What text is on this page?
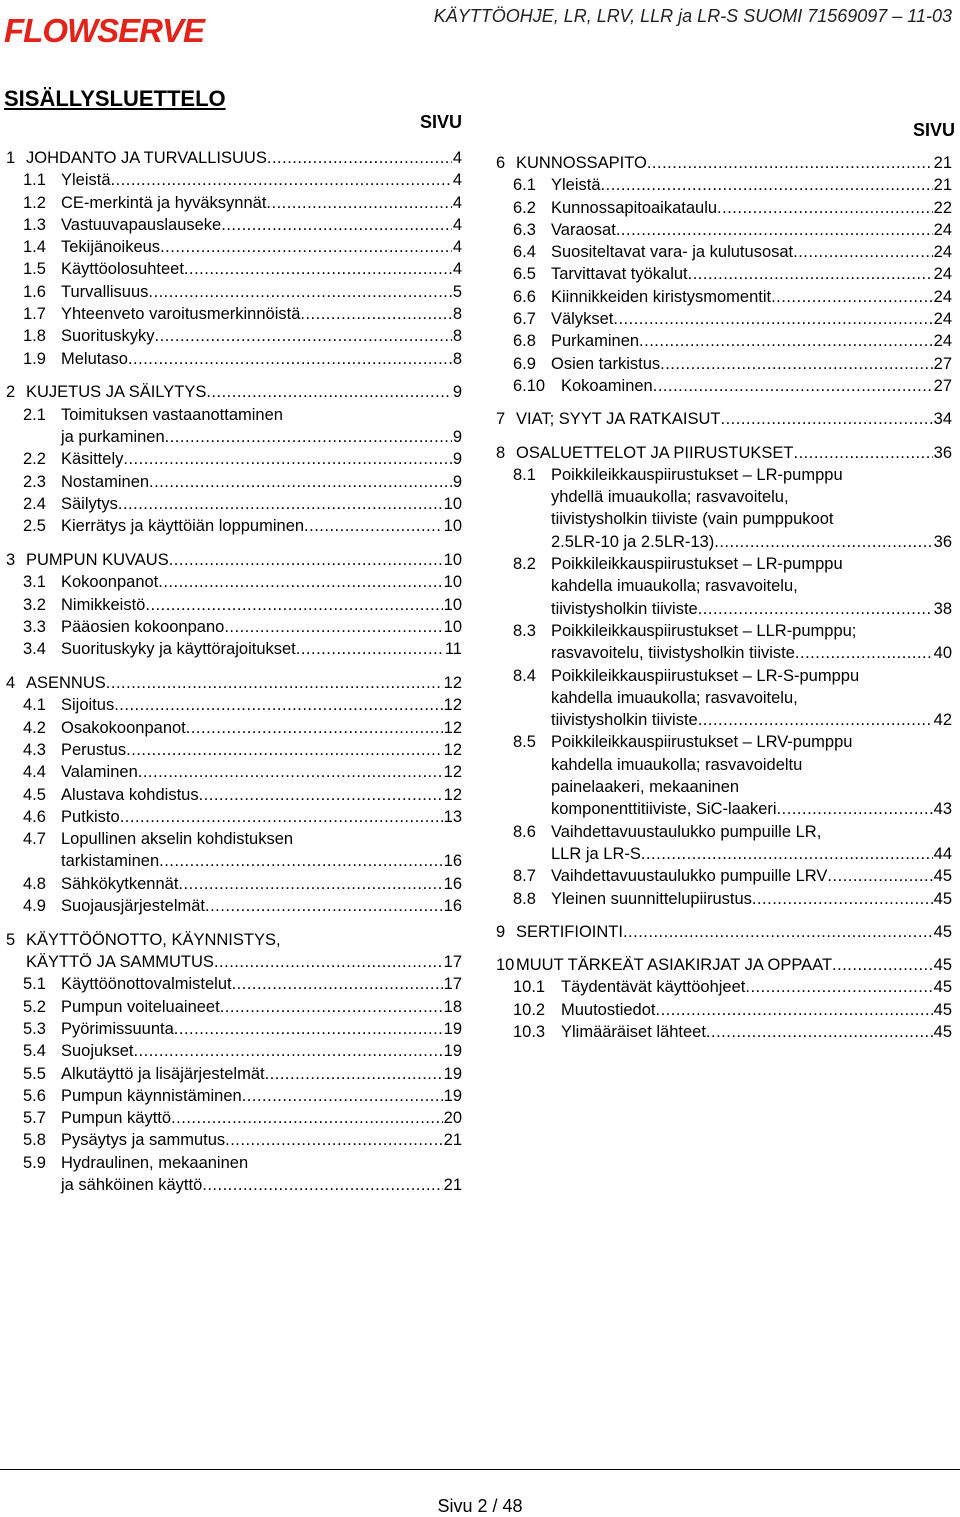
FLOWSERVE	KÄYTTÖOHJE, LR, LRV, LLR ja LR-S SUOMI 71569097 – 11-03
SISÄLLYSLUETTELO
SIVU	SIVU
1 JOHDANTO JA TURVALLISUUS .....	4
1.1 Yleistä .....	4
1.2 CE-merkintä ja hyväksynnät .....	4
1.3 Vastuuvapauslauseke .....	4
1.4 Tekijänoikeus .....	4
1.5 Käyttöolosuhteet .....	4
1.6 Turvallisuus .....	5
1.7 Yhteenveto varoitusmerkinnöistä .....	8
1.8 Suorituskyky .....	8
1.9 Melutaso .....	8
2 KUJETUS JA SÄILYTYS .....	9
2.1 Toimituksen vastaanottaminen
ja purkaminen .....	9
2.2 Käsittely .....	9
2.3 Nostaminen .....	9
2.4 Säilytys .....	10
2.5 Kierrätys ja käyttöiän loppuminen .....	10
3 PUMPUN KUVAUS .....	10
3.1 Kokoonpanot .....	10
3.2 Nimikkeistö .....	10
3.3 Pääosien kokoonpano .....	10
3.4 Suorituskyky ja käyttörajoitukset .....	11
4 ASENNUS .....	12
4.1 Sijoitus .....	12
4.2 Osakokoonpanot .....	12
4.3 Perustus .....	12
4.4 Valaminen .....	12
4.5 Alustava kohdistus .....	12
4.6 Putkisto .....	13
4.7 Lopullinen akselin kohdistuksen
tarkistaminen .....	16
4.8 Sähkökytkennät .....	16
4.9 Suojausjärjestelmät .....	16
5 KÄYTTÖÖNOTTO, KÄYNNISTYS,
KÄYTTÖ JA SAMMUTUS .....	17
5.1 Käyttöönottovalmistelut .....	17
5.2 Pumpun voiteluaineet .....	18
5.3 Pyörimissuunta .....	19
5.4 Suojukset .....	19
5.5 Alkutäyttö ja lisäjärjestelmät .....	19
5.6 Pumpun käynnistäminen .....	19
5.7 Pumpun käyttö .....	20
5.8 Pysäytys ja sammutus .....	21
5.9 Hydraulinen, mekaaninen
ja sähköinen käyttö .....	21
6 KUNNOSSAPITO .....	21
6.1 Yleistä .....	21
6.2 Kunnossapitoaikataulu .....	22
6.3 Varaosat .....	24
6.4 Suositeltavat vara- ja kulutusosat .....	24
6.5 Tarvittavat työkalut .....	24
6.6 Kiinnikkeiden kiristysmomentit .....	24
6.7 Välykset .....	24
6.8 Purkaminen .....	24
6.9 Osien tarkistus .....	27
6.10 Kokoaminen .....	27
7 VIAT; SYYT JA RATKAISUT .....	34
8 OSALUETTELOT JA PIIRUSTUKSET .....	36
8.1 Poikkileikkauspiirustukset – LR-pumppu
yhdellä imuaukolla; rasvavoitelu,
tiivistysholkin tiiviste (vain pumppukoot
2.5LR-10 ja 2.5LR-13) .....	36
8.2 Poikkileikkauspiirustukset – LR-pumppu
kahdella imuaukolla; rasvavoitelu,
tiivistysholkin tiiviste .....	38
8.3 Poikkileikkauspiirustukset – LLR-pumppu;
rasvavoitelu, tiivistysholkin tiiviste .....	40
8.4 Poikkileikkauspiirustukset – LR-S-pumppu
kahdella imuaukolla; rasvavoitelu,
tiivistysholkin tiiviste .....	42
8.5 Poikkileikkauspiirustukset – LRV-pumppu
kahdella imuaukolla; rasvavoideltu
painelaakeri, mekaaninen
komponenttitiiviste, SiC-laakeri .....	43
8.6 Vaihdettavuustaulukko pumpuille LR,
LLR ja LR-S .....	44
8.7 Vaihdettavuustaulukko pumpuille LRV .....	45
8.8 Yleinen suunnittelupiirustus .....	45
9 SERTIFIOINTI .....	45
10 MUUT TÄRKEÄT ASIAKIRJAT JA OPPAAT .....	45
10.1 Täydentävät käyttöohjeet .....	45
10.2 Muutostiedot .....	45
10.3 Ylimääräiset lähteet .....	45
Sivu 2 / 48
